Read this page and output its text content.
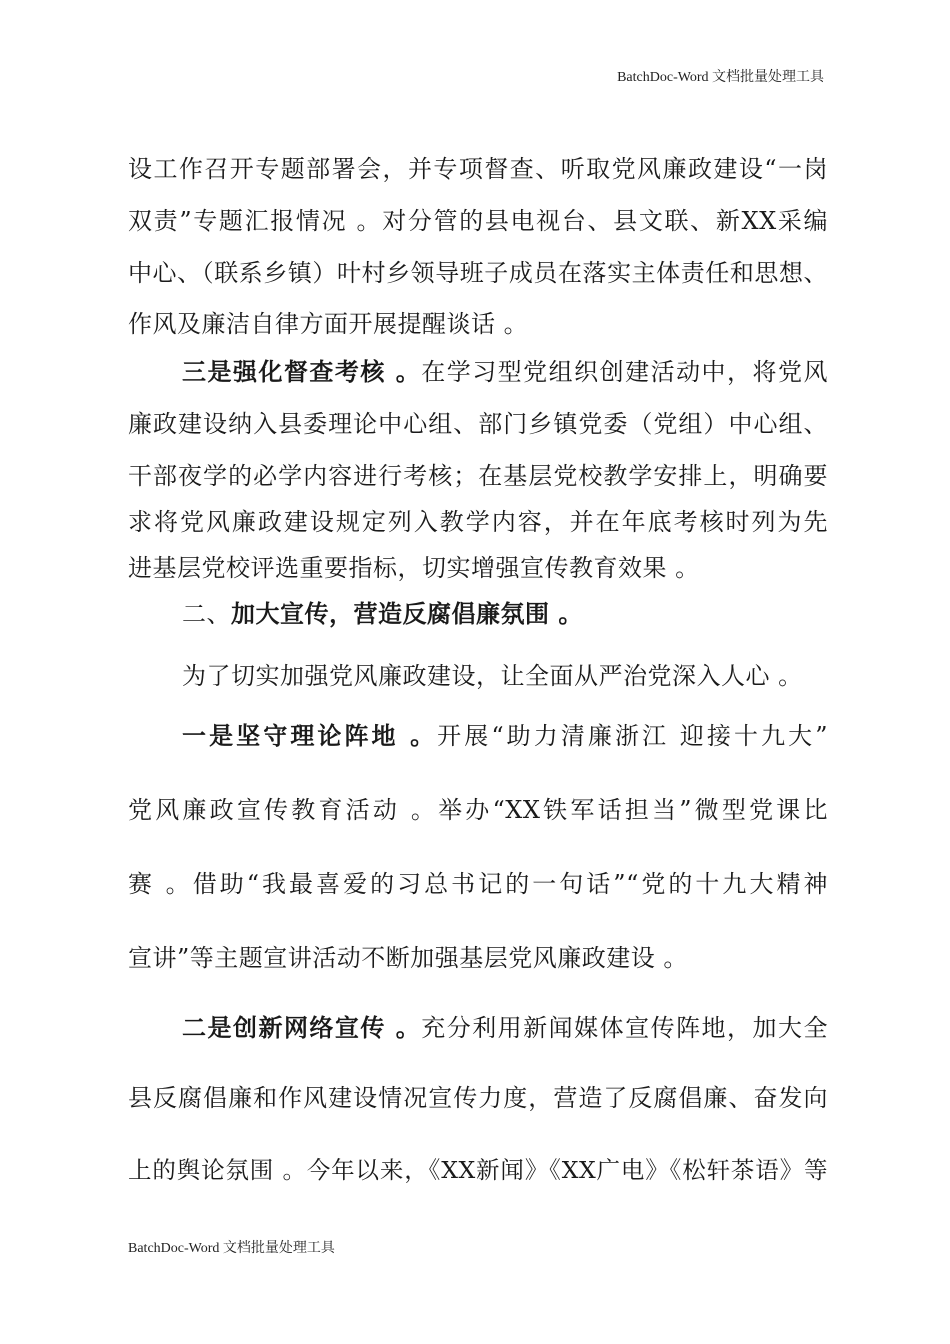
BatchDoc-Word 文档批量处理工具
设工作召开专题部署会，并专项督查、听取党风廉政建设“一岗
双责”专题汇报情况 。对分管的县电视台、县文联、新XX采编
中心、（联系乡镇）叶村乡领导班子成员在落实主体责任和思想、
作风及廉洁自律方面开展提醒谈话 。
三是强化督查考核 。在学习型党组织创建活动中，将党风
廉政建设纳入县委理论中心组、部门乡镇党委（党组）中心组、
干部夜学的必学内容进行考核；在基层党校教学安排上，明确要
求将党风廉政建设规定列入教学内容，并在年底考核时列为先
进基层党校评选重要指标，切实增强宣传教育效果 。
二、加大宣传，营造反腐倡廉氛围 。
为了切实加强党风廉政建设，让全面从严治党深入人心 。
一是坚守理论阵地 。开展“助力清廉浙江 迎接十九大”
党风廉政宣传教育活动 。举办“XX铁军话担当”微型党课比
赛 。借助“我最喜爱的习总书记的一句话”“党的十九大精神
宣讲”等主题宣讲活动不断加强基层党风廉政建设 。
二是创新网络宣传 。充分利用新闻媒体宣传阵地，加大全
县反腐倡廉和作风建设情况宣传力度，营造了反腐倡廉、奋发向
上的舆论氛围 。今年以来，《XX新闻》《XX广电》《松轩茶语》等
BatchDoc-Word 文档批量处理工具
